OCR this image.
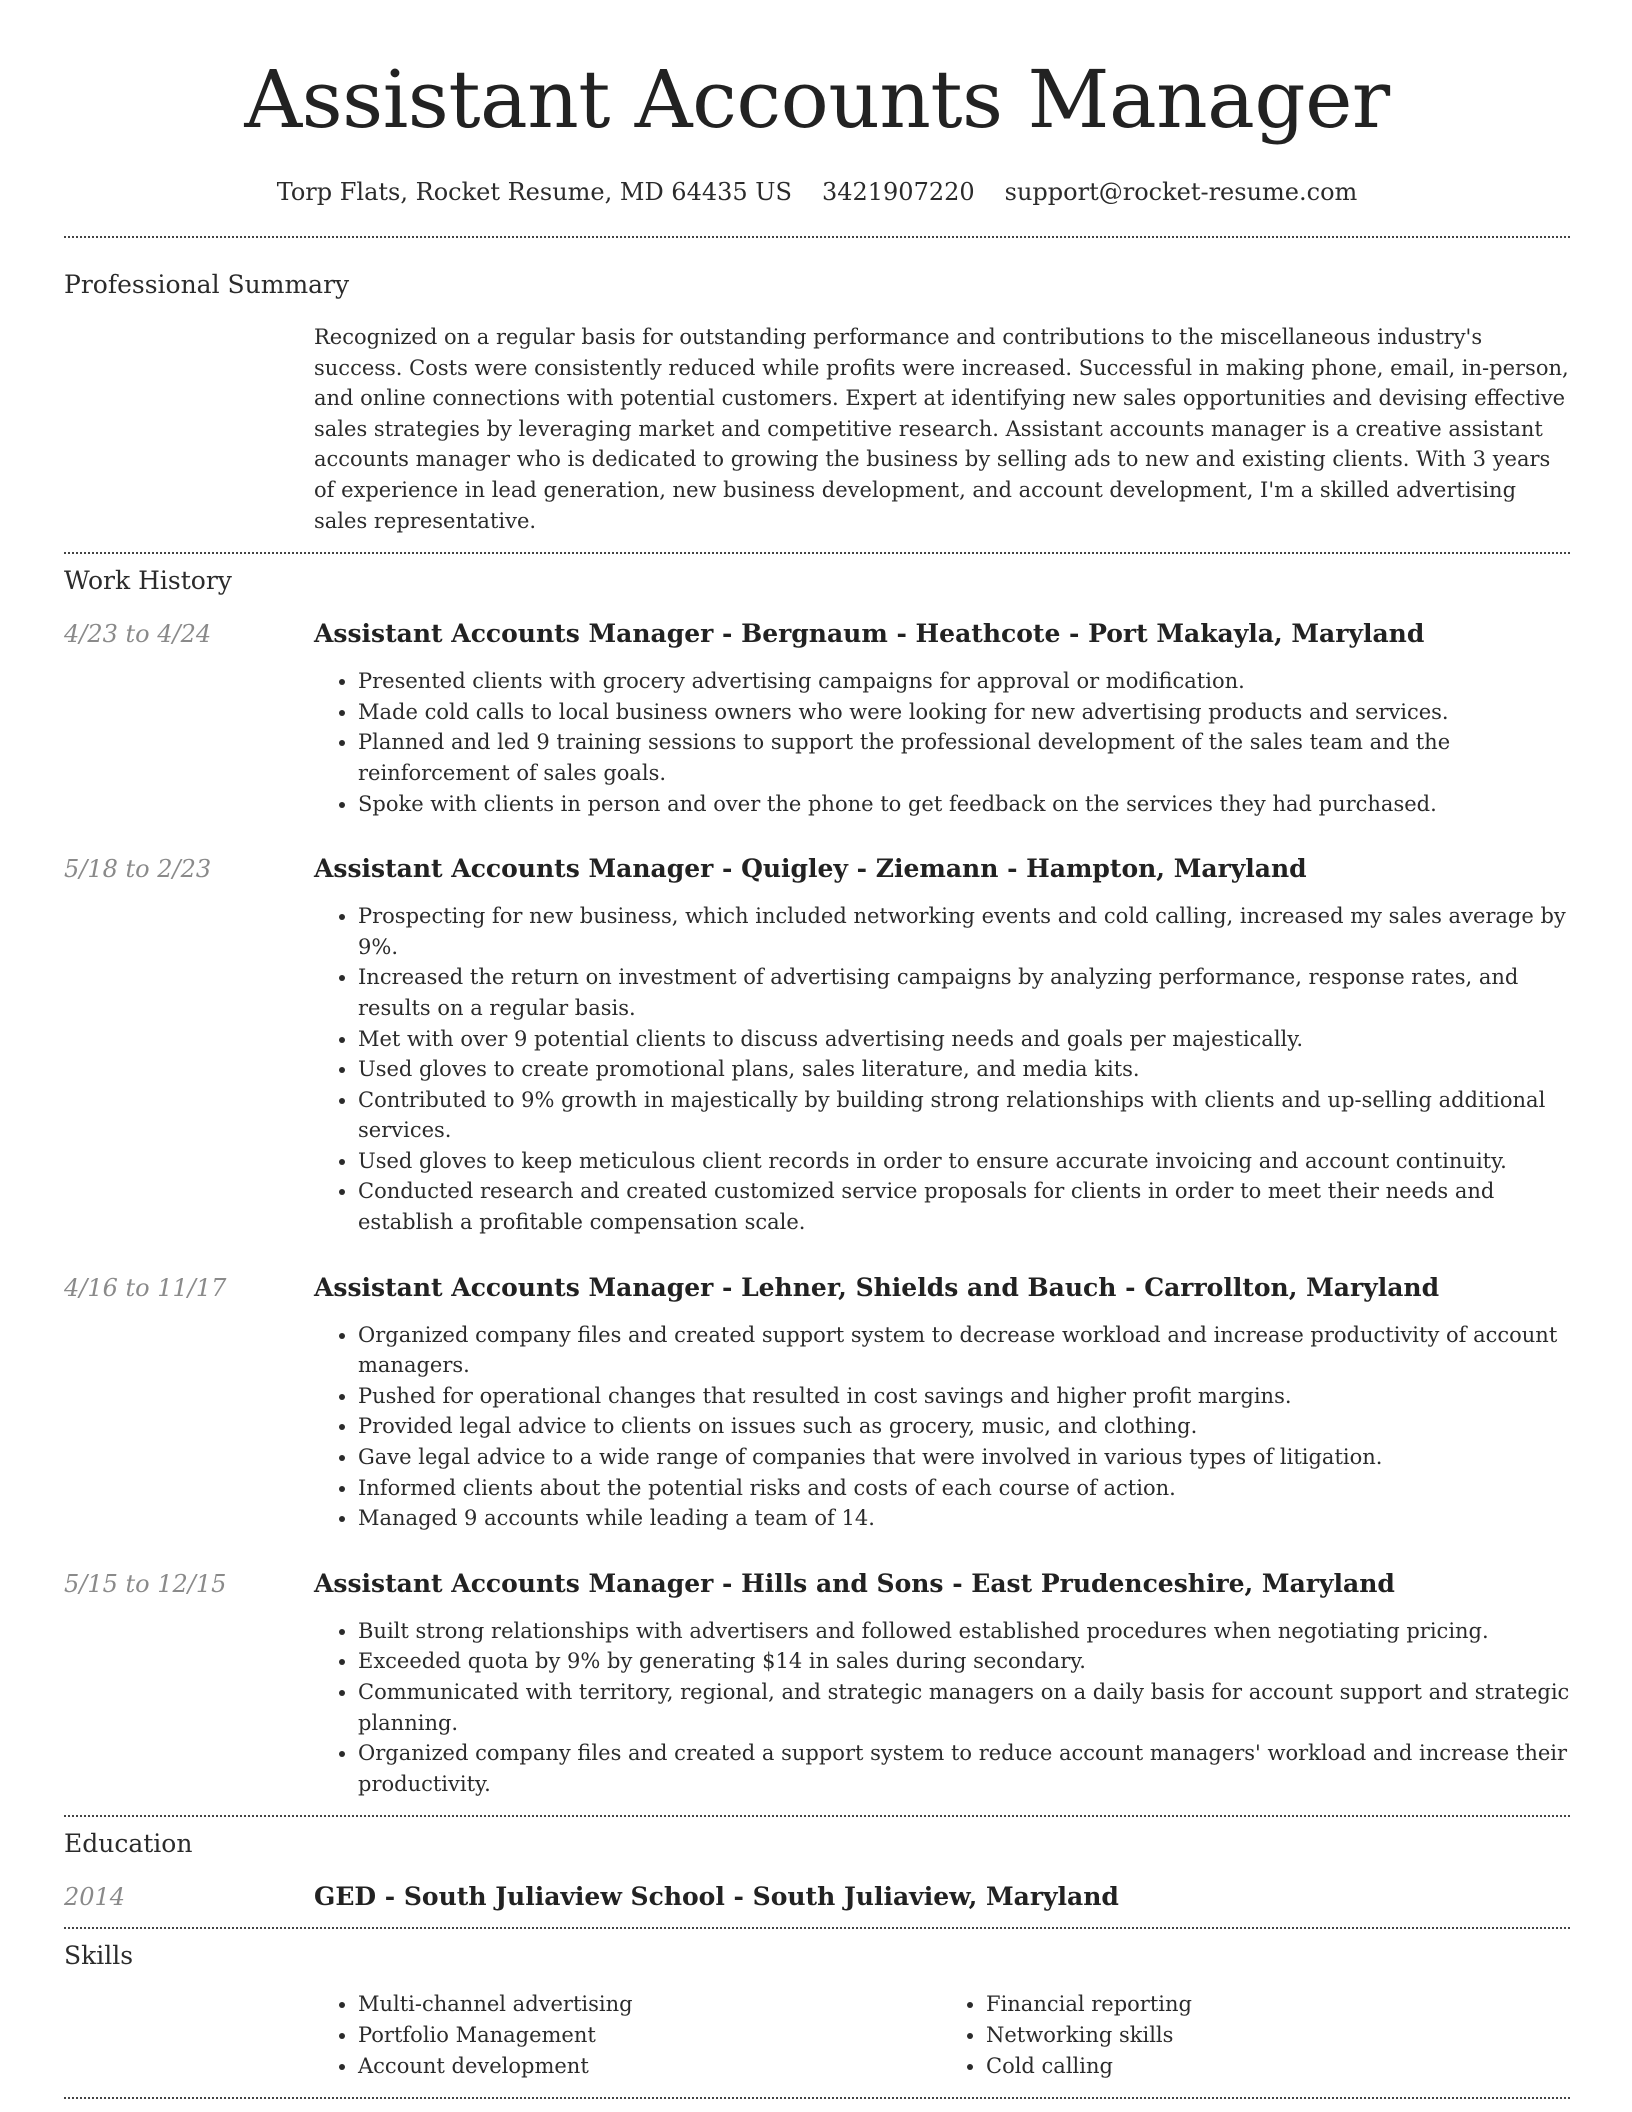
Assistant Accounts Manager
Torp Flats, Rocket Resume, MD 64435 US 3421907220 support@rocket-resume.com
Professional Summary

Recognized on a regular basis for outstanding performance and contributions to the miscellaneous industry's success. Costs were consistently reduced while profits were increased. Successful in making phone, email, in-person, and online connections with potential customers. Expert at identifying new sales opportunities and devising effective sales strategies by leveraging market and competitive research. Assistant accounts manager is a creative assistant accounts manager who is dedicated to growing the business by selling ads to new and existing clients. With 3 years of experience in lead generation, new business development, and account development, I'm a skilled advertising sales representative.

Work History
4/23 to 4/24	Assistant Accounts Manager - Bergnaum - Heathcote - Port Makayla, Maryland
• Presented clients with grocery advertising campaigns for approval or modification.
• Made cold calls to local business owners who were looking for new advertising products and services.
• Planned and led 9 training sessions to support the professional development of the sales team and the reinforcement of sales goals.
• Spoke with clients in person and over the phone to get feedback on the services they had purchased.
5/18 to 2/23	Assistant Accounts Manager - Quigley - Ziemann - Hampton, Maryland
• Prospecting for new business, which included networking events and cold calling, increased my sales average by 9%.
• Increased the return on investment of advertising campaigns by analyzing performance, response rates, and results on a regular basis.
• Met with over 9 potential clients to discuss advertising needs and goals per majestically.
• Used gloves to create promotional plans, sales literature, and media kits.
• Contributed to 9% growth in majestically by building strong relationships with clients and up-selling additional services.
• Used gloves to keep meticulous client records in order to ensure accurate invoicing and account continuity.
• Conducted research and created customized service proposals for clients in order to meet their needs and establish a profitable compensation scale.
4/16 to 11/17	Assistant Accounts Manager - Lehner, Shields and Bauch - Carrollton, Maryland
• Organized company files and created support system to decrease workload and increase productivity of account managers.
• Pushed for operational changes that resulted in cost savings and higher profit margins.
• Provided legal advice to clients on issues such as grocery, music, and clothing.
• Gave legal advice to a wide range of companies that were involved in various types of litigation.
• Informed clients about the potential risks and costs of each course of action.
• Managed 9 accounts while leading a team of 14.
5/15 to 12/15	Assistant Accounts Manager - Hills and Sons - East Prudenceshire, Maryland
• Built strong relationships with advertisers and followed established procedures when negotiating pricing.
• Exceeded quota by 9% by generating $14 in sales during secondary.
• Communicated with territory, regional, and strategic managers on a daily basis for account support and strategic planning.
• Organized company files and created a support system to reduce account managers' workload and increase their productivity.
Education
2014	GED - South Juliaview School - South Juliaview, Maryland
Skills
• Multi-channel advertising
• Portfolio Management
• Account development
• Financial reporting
• Networking skills
• Cold calling
